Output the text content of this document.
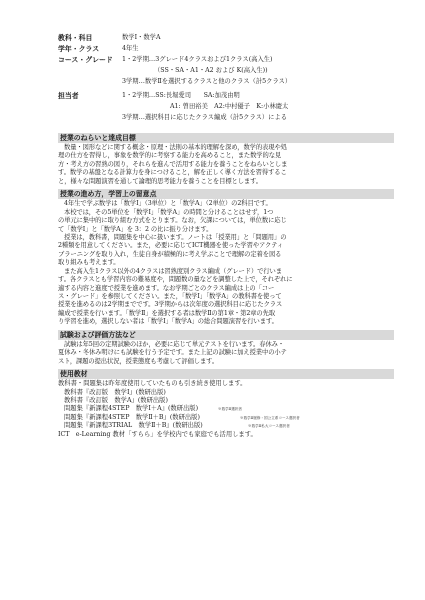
教科・科目	数学Ⅰ・数学A
学年・クラス	4年生
コース・グレード 1・2学期…3グレード4クラスおよび1クラス(高入生)
（SS・SA・A1・A2 および K(高入生))
3学期…数学Ⅱを選択するクラスと他のクラス（計5クラス）
担当者	1・2学期…SS:長堀愛司　　SA:加茂由明
A1: 曽田裕美　A2:中村優子　K:小林慶太
3学期…選択科目に応じたクラス編成（計5クラス）による
授業のねらいと達成目標
数量・図形などに関する概念・原理・法則の基本的理解を深め，数学的表現や処
理の仕方を習得し，事象を数学的に考察する能力を高めること，また数学的な見
方・考え方の習熟の図り，それらを進んで活用する能力を養うことをねらいとしま
す。数学の基盤となる計算力を身につけること，解を正しく導く方法を習得するこ
と，様々な問題演習を通して論理的思考能力を養うことを目標とします。
授業の進め方，学習上の留意点
4年生で学ぶ数学は「数学Ⅰ」（3単位）と「数学A」（2単位）の2科目です。
本校では，その5単位を「数学Ⅰ」「数学A」の時間と分けることはせず，1つ
の単元に集中的に取り組む方式をとります。なお，欠課については，単位数に応じ
て「数学Ⅰ」と「数学A」を 3：2 の比に振り分けます。
授業は，教科書，問題集を中心に扱います。ノートは「授業用」と「問題用」の
2種類を用意してください。また，必要に応じてICT機器を使った学習やアクティ
ブラーニングを取り入れ，生徒自身が積極的に考え学ぶことで理解の定着を図る
取り組みも考えます。
また高入生1クラス以外の4クラスは習熟度別クラス編成（グレード）で行いま
す。各クラスとも学習内容の難易度や，問題数の量などを調整した上で，それぞれに
適する内容と進度で授業を進めます。なお学期ごとのクラス編成は上の「コー
ス・グレード」を参照してください。また，「数学Ⅰ」「数学A」の教科書を使って
授業を進めるのは2学期までです。3学期からは次年度の選択科目に応じたクラス
編成で授業を行います。「数学Ⅱ」を選択する者は数学Ⅱの第1章・第2章の先取
り学習を進め，選択しない者は「数学Ⅰ」「数学A」の総合問題演習を行います。
試験および評価方法など
試験は年5回の定期試験のほか，必要に応じて単元テストを行います。春休み・
夏休み・冬休み明けにも試験を行う予定です。また上記の試験に加え授業中の小テ
スト，課題の提出状況，授業態度も考慮して評価します。
使用教材
教科書・問題集は昨年度使用していたものも引き続き使用します。
教科書『改訂版　数学Ⅰ』(数研出版)
教科書『改訂版　数学A』(数研出版)
問題集『新課程4STEP　数学Ⅰ＋A』(数研出版)	※数学Ⅱ選択者
問題集『新課程4STEP　数学Ⅱ＋B』(数研出版)	※数学Ⅱ履修・国公立系コース選択者
問題集『新課程3TRIAL　数学Ⅱ＋B』(数研出版)	※数学Ⅱ私大コース選択者
ICT　e-Learning 教材「すらら」を学校内でも家庭でも活用します。
